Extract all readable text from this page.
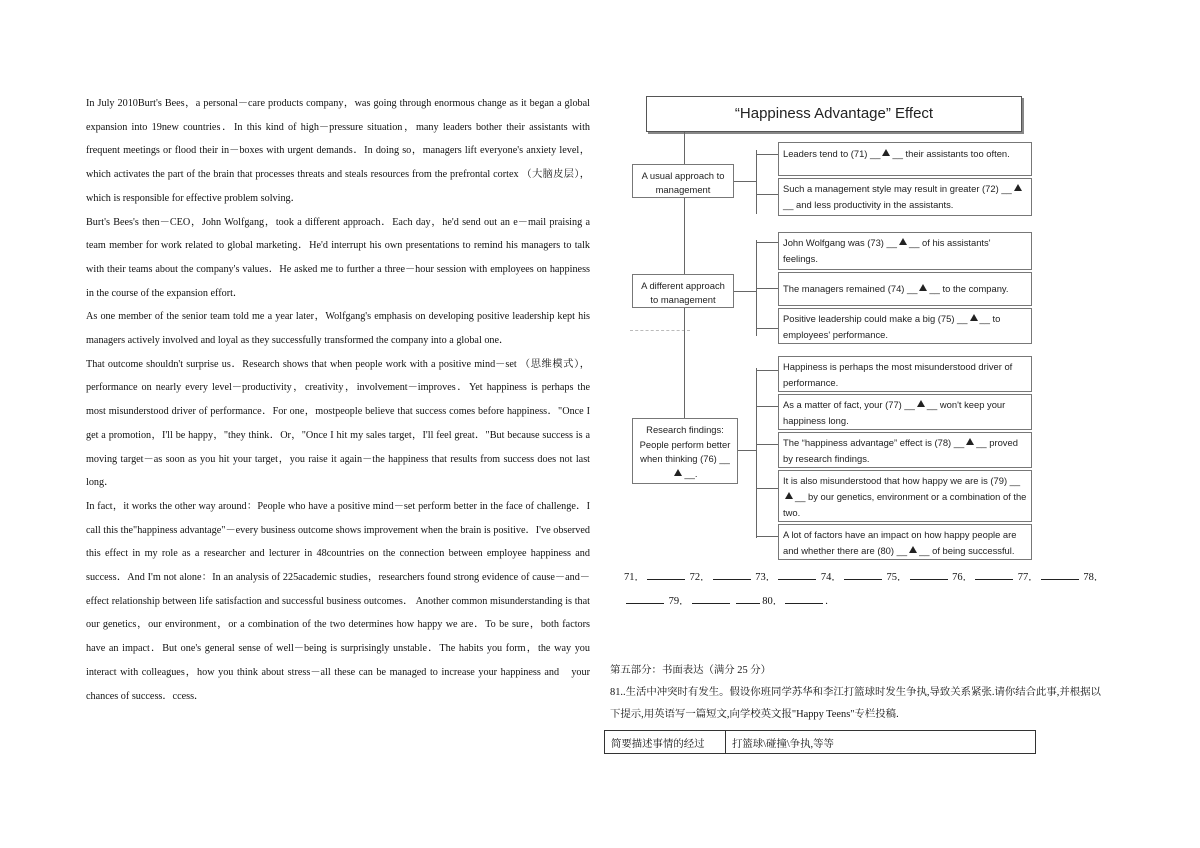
In July 2010Burt's Bees，a personal－care products company，was going through enormous change as it began a global expansion into 19new countries．In this kind of high－pressure situation，many leaders bother their assistants with frequent meetings or flood their in－boxes with urgent demands．In doing so，managers lift everyone's anxiety level，which activates the part of the brain that processes threats and steals resources from the prefrontal cortex （大脑皮层），which is responsible for effective problem solving．

Burt's Bees's then－CEO，John Wolfgang，took a different approach．Each day，he'd send out an e－mail praising a team member for work related to global marketing．He'd interrupt his own presentations to remind his managers to talk with their teams about the company's values．He asked me to further a three－hour session with employees on happiness in the course of the expansion effort．

As one member of the senior team told me a year later，Wolfgang's emphasis on developing positive leadership kept his managers actively involved and loyal as they successfully transformed the company into a global one．

That outcome shouldn't surprise us．Research shows that when people work with a positive mind－set （思维模式），performance on nearly every level－productivity，creativity，involvement－improves．Yet happiness is perhaps the most misunderstood driver of performance．For one，mostpeople believe that success comes before happiness．"Once I get a promotion，I'll be happy，"they think．Or，"Once I hit my sales target，I'll feel great．"But because success is a moving target－as soon as you hit your target，you raise it again－the happiness that results from success does not last long．

In fact，it works the other way around：People who have a positive mind－set perform better in the face of challenge．I call this the"happiness advantage"－every business outcome shows improvement when the brain is positive．I've observed this effect in my role as a researcher and lecturer in 48countries on the connection between employee happiness and success．And I'm not alone：In an analysis of 225academic studies，researchers found strong evidence of cause－and－effect relationship between life satisfaction and successful business outcomes． Another common misunderstanding is that our genetics，our environment，or a combination of the two determines how happy we are．To be sure，both factors have an impact．But one's general sense of well－being is surprisingly unstable．The habits you form，the way you interact with colleagues，how you think about stress－all these can be managed to increase your happiness and　your chances of success．ccess．

“Happiness Advantage” Effect
A usual approach to management
Leaders tend to (71) __ __ their assistants too often.
Such a management style may result in greater (72) ____ and less productivity in the assistants.
A different approach to management
John Wolfgang was (73) __ __ of his assistants' feelings.
The managers remained (74) __ __ to the company.
Positive leadership could make a big (75) __ __ to employees' performance.
Research findings: People perform better when thinking (76) ____.
Happiness is perhaps the most misunderstood driver of performance.
As a matter of fact, your (77) __ __ won't keep your happiness long.
The “happiness advantage” effect is (78) __ __ proved by research findings.
It is also misunderstood that how happy we are is (79) ____ by our genetics, environment or a combination of the two.
A lot of factors have an impact on how happy people are and whether there are (80) __ __ of being successful.
71．	72．	73．	74．	75．	76．	77．	78． 79．	80．	.

第五部分：书面表达（满分 25 分）

81..生活中冲突时有发生。假设你班同学苏华和李江打篮球时发生争执,导致关系紧张.请你结合此事,并根据以下提示,用英语写一篇短文,向学校英文报"Happy Teens"专栏投稿.

简要描述事情的经过	打篮球\碰撞\争执,等等
